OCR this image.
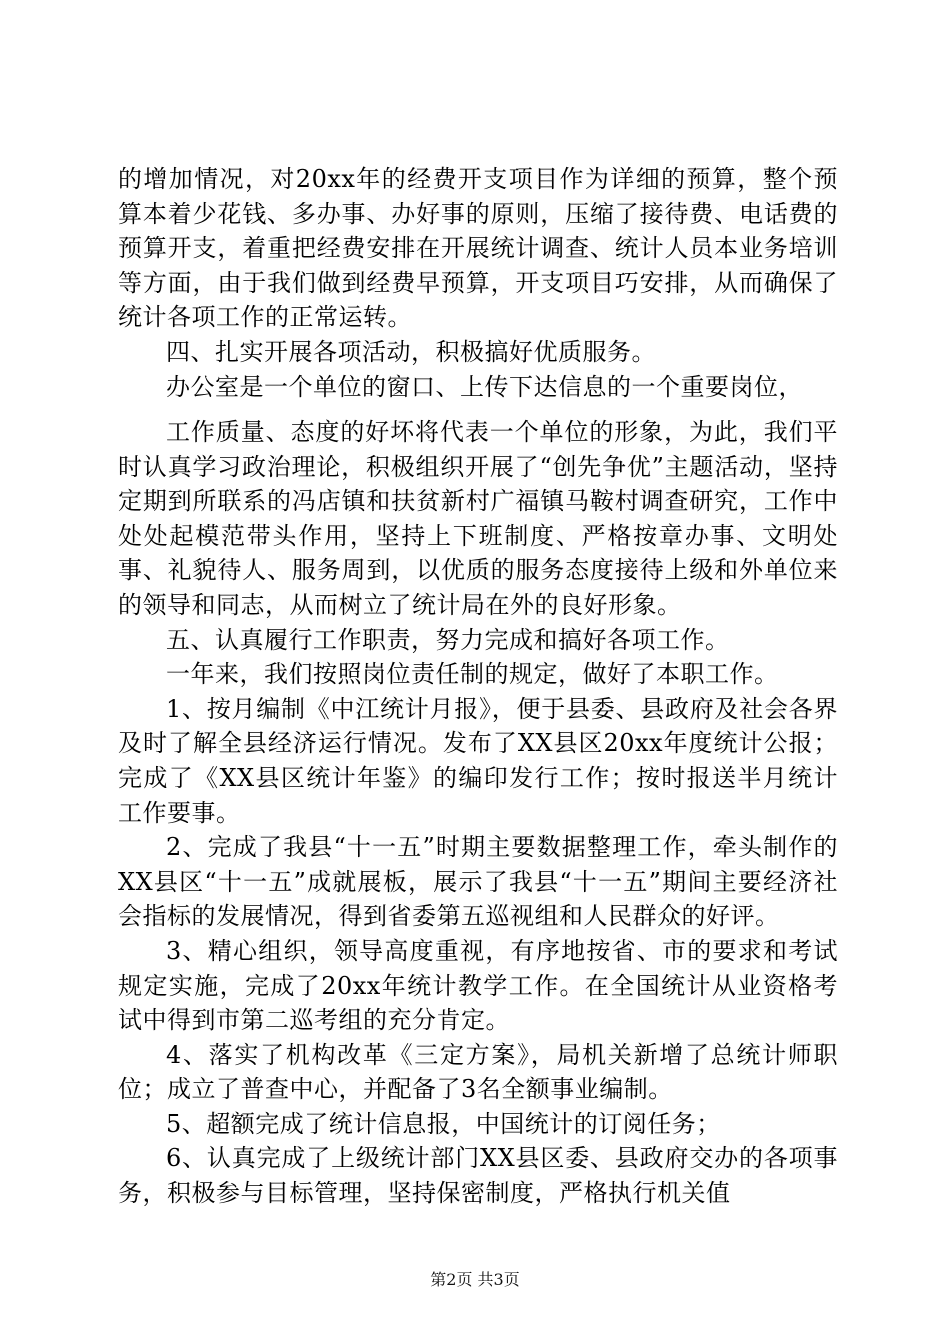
的增加情况，对20xx年的经费开支项目作为详细的预算，整个预算本着少花钱、多办事、办好事的原则，压缩了接待费、电话费的预算开支，着重把经费安排在开展统计调查、统计人员本业务培训等方面，由于我们做到经费早预算，开支项目巧安排，从而确保了统计各项工作的正常运转。

四、扎实开展各项活动，积极搞好优质服务。

办公室是一个单位的窗口、上传下达信息的一个重要岗位，

工作质量、态度的好坏将代表一个单位的形象，为此，我们平时认真学习政治理论，积极组织开展了“创先争优”主题活动，坚持定期到所联系的冯店镇和扶贫新村广福镇马鞍村调查研究，工作中处处起模范带头作用，坚持上下班制度、严格按章办事、文明处事、礼貌待人、服务周到，以优质的服务态度接待上级和外单位来的领导和同志，从而树立了统计局在外的良好形象。

五、认真履行工作职责，努力完成和搞好各项工作。

一年来，我们按照岗位责任制的规定，做好了本职工作。

1、按月编制《中江统计月报》，便于县委、县政府及社会各界及时了解全县经济运行情况。发布了XX县区20xx年度统计公报；完成了《XX县区统计年鉴》的编印发行工作；按时报送半月统计工作要事。

2、完成了我县“十一五”时期主要数据整理工作，牵头制作的XX县区“十一五”成就展板，展示了我县“十一五”期间主要经济社会指标的发展情况，得到省委第五巡视组和人民群众的好评。

3、精心组织，领导高度重视，有序地按省、市的要求和考试规定实施，完成了20xx年统计教学工作。在全国统计从业资格考试中得到市第二巡考组的充分肯定。

4、落实了机构改革《三定方案》，局机关新增了总统计师职位；成立了普查中心，并配备了3名全额事业编制。

5、超额完成了统计信息报，中国统计的订阅任务；

6、认真完成了上级统计部门XX县区委、县政府交办的各项事务，积极参与目标管理，坚持保密制度，严格执行机关值

第2页 共3页
